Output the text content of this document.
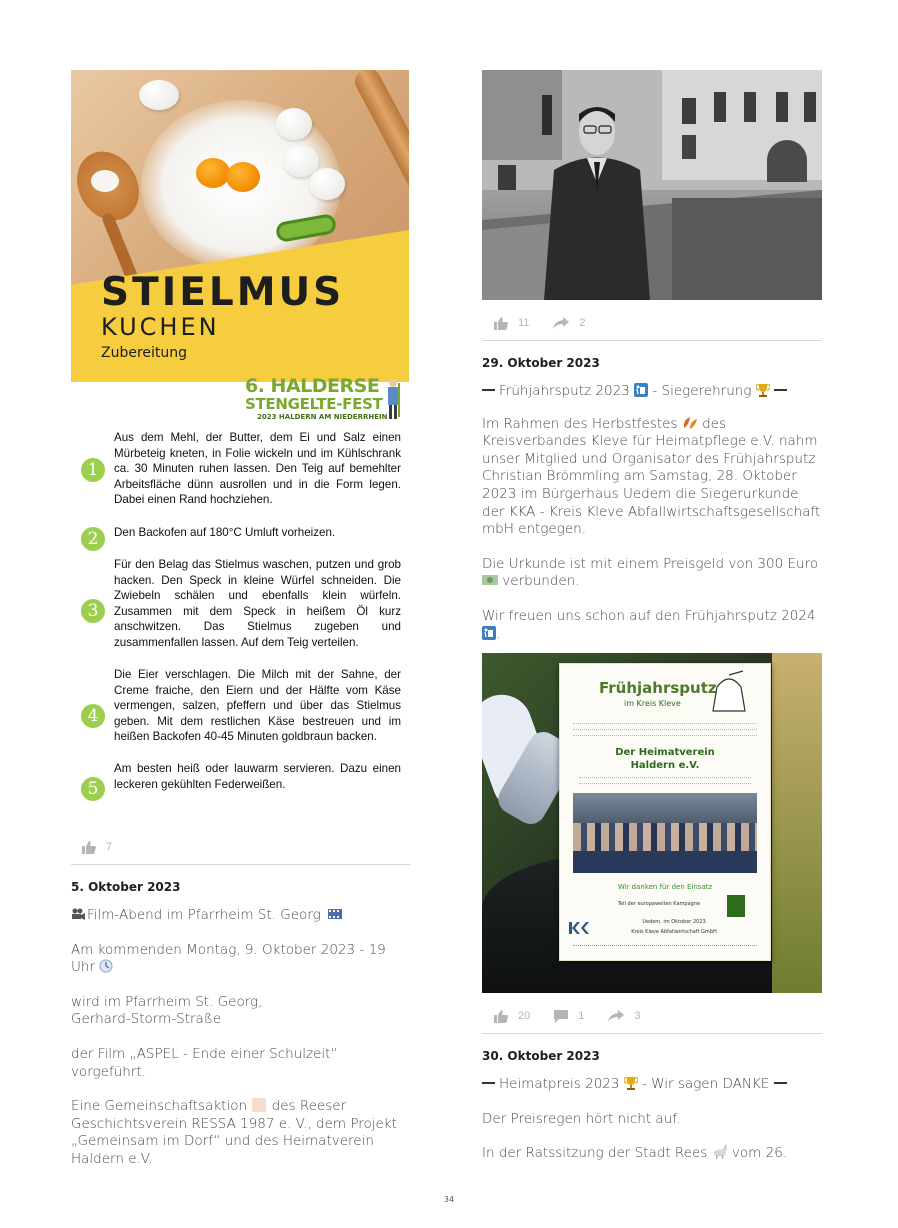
STIELMUS
KUCHEN
Zubereitung
6. HALDERSE
STENGELTE-FEST
2023 HALDERN AM NIEDERRHEIN
1
Aus dem Mehl, der Butter, dem Ei und Salz einen Mürbeteig kneten, in Folie wickeln und im Kühlschrank ca. 30 Minuten ruhen lassen. Den Teig auf bemehlter Arbeitsfläche dünn ausrollen und in die Form legen. Dabei einen Rand hochziehen.
2	Den Backofen auf 180°C Umluft vorheizen.
3
Für den Belag das Stielmus waschen, putzen und grob hacken. Den Speck in kleine Würfel schneiden. Die Zwiebeln schälen und ebenfalls klein würfeln. Zusammen mit dem Speck in heißem Öl kurz anschwitzen. Das Stielmus zugeben und zusammenfallen lassen. Auf dem Teig verteilen.
4
Die Eier verschlagen. Die Milch mit der Sahne, der Creme fraiche, den Eiern und der Hälfte vom Käse vermengen, salzen, pfeffern und über das Stielmus geben. Mit dem restlichen Käse bestreuen und im heißen Backofen 40-45 Minuten goldbraun backen.
5
Am besten heiß oder lauwarm servieren. Dazu einen leckeren gekühlten Federweißen.
7
5. Oktober 2023
Film-Abend im Pfarrheim St. Georg
Am kommenden Montag, 9. Oktober 2023 - 19 Uhr
wird im Pfarrheim St. Georg,
Gerhard-Storm-Straße
der Film „ASPEL - Ende einer Schulzeit“ vorgeführt.
Eine Gemeinschaftsaktion des Reeser Geschichtsverein RESSA 1987 e. V., dem Projekt „Gemeinsam im Dorf“ und des Heimatverein Haldern e.V.
11	2
29. Oktober 2023
Frühjahrsputz 2023 - Siegerehrung
Im Rahmen des Herbstfestes des Kreisverbandes Kleve für Heimatpflege e.V. nahm unser Mitglied und Organisator des Frühjahrsputz Christian Brömmling am Samstag, 28. Oktober 2023 im Bürgerhaus Uedem die Siegerurkunde der KKA - Kreis Kleve Abfallwirtschaftsgesellschaft mbH entgegen.
Die Urkunde ist mit einem Preisgeld von 300 Euro  verbunden.
Wir freuen uns schon auf den Frühjahrsputz 2024 .
Frühjahrsputz
im Kreis Kleve
Der Heimatverein
Haldern e.V.
Wir danken für den Einsatz
Teil der europaweiten Kampagne
Uedem, im Oktober 2023
Kreis Kleve Abfallwirtschaft GmbH
20	1	3
30. Oktober 2023
Heimatpreis 2023 - Wir sagen DANKE
Der Preisregen hört nicht auf.
In der Ratssitzung der Stadt Rees vom 26.
34
